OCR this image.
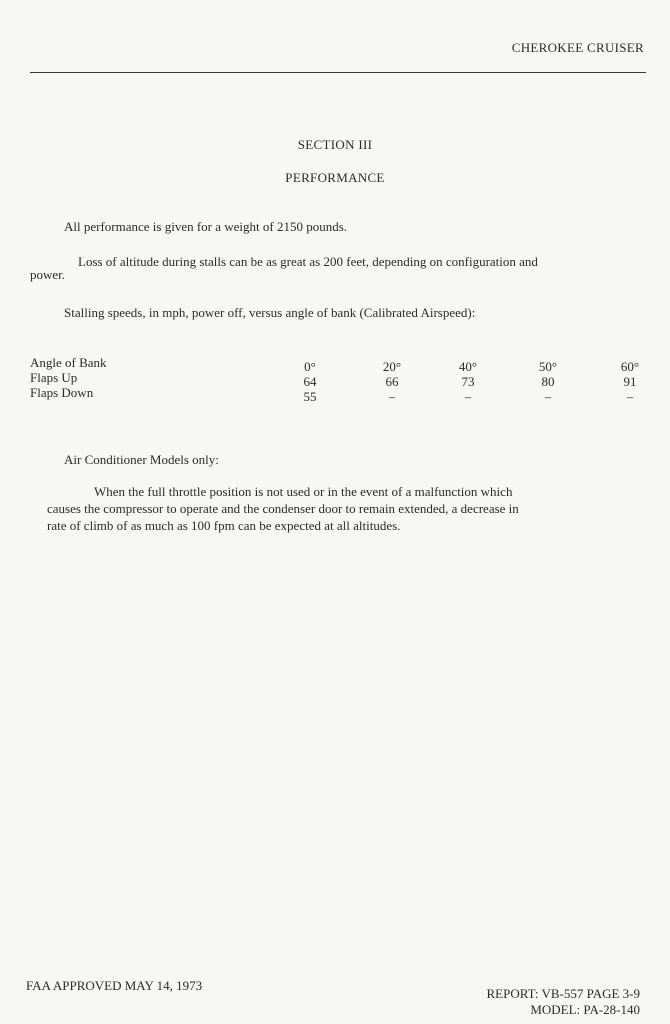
CHEROKEE CRUISER
SECTION III
PERFORMANCE
All performance is given for a weight of 2150 pounds.
Loss of altitude during stalls can be as great as 200 feet, depending on configuration and
power.
Stalling speeds, in mph, power off, versus angle of bank (Calibrated Airspeed):
Angle of Bank
Flaps Up
Flaps Down
0°
64
55
20°
66
–
40°
73
–
50°
80
–
60°
91
–
Air Conditioner Models only:
When the full throttle position is not used or in the event of a malfunction which
causes the compressor to operate and the condenser door to remain extended, a decrease in
rate of climb of as much as 100 fpm can be expected at all altitudes.
FAA APPROVED MAY 14, 1973
REPORT: VB-557 PAGE 3-9
MODEL: PA-28-140
